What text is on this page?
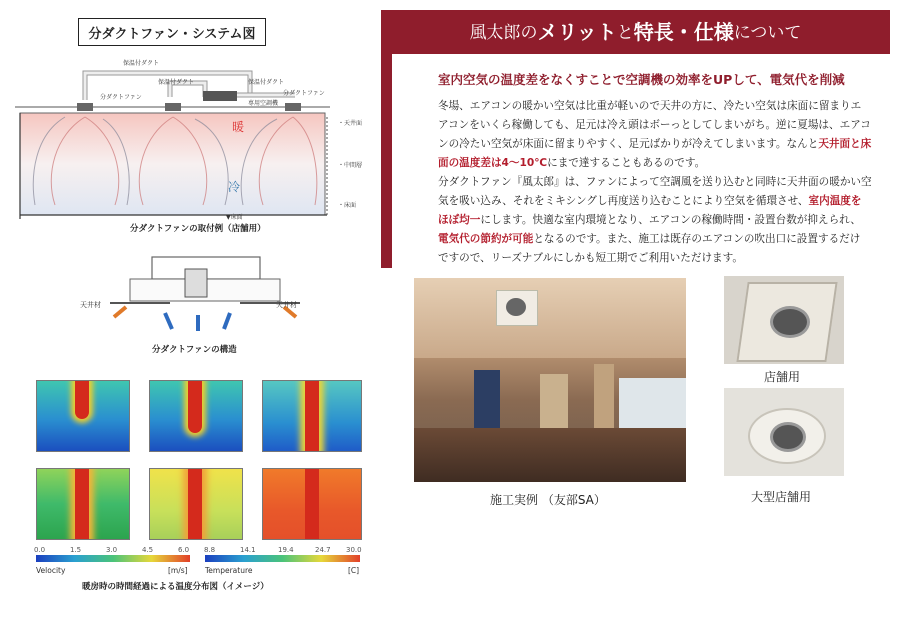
分ダクトファン・システム図
保温付ダクト
保温付ダクト	保温付ダクト
分ダクトファン
分ダクトファン
専用空調機
・天井面
・中間層
・床面
▼床面
暖
冷
分ダクトファンの取付例（店舗用）
天井材	天井材
分ダクトファンの構造
0.0	1.5	3.0	4.5	6.0 8.8	14.1	19.4	24.7 30.0
Velocity	[m/s] Temperature	[C]
暖房時の時間経過による温度分布図（イメージ）
風太郎の メリット と 特長・仕様 について
室内空気の温度差をなくすことで空調機の効率をUPして、電気代を削減

冬場、エアコンの暖かい空気は比重が軽いので天井の方に、冷たい空気は床面に留まりエ

アコンをいくら稼働しても、足元は冷え頭はボーっとしてしまいがち。逆に夏場は、エアコ

ンの冷たい空気が床面に留まりやすく、足元ばかりが冷えてしまいます。なんと天井面と床

面の温度差は4～10℃にまで達することもあるのです。

分ダクトファン『風太郎』は、ファンによって空調風を送り込むと同時に天井面の暖かい空

気を吸い込み、それをミキシングし再度送り込むことにより空気を循環させ、室内温度を

ほぼ均一にします。快適な室内環境となり、エアコンの稼働時間・設置台数が抑えられ、

電気代の節約が可能となるのです。また、施工は既存のエアコンの吹出口に設置するだけ

ですので、リーズナブルにしかも短工期でご利用いただけます。

施工実例 （友部SA）
店舗用
大型店舗用
